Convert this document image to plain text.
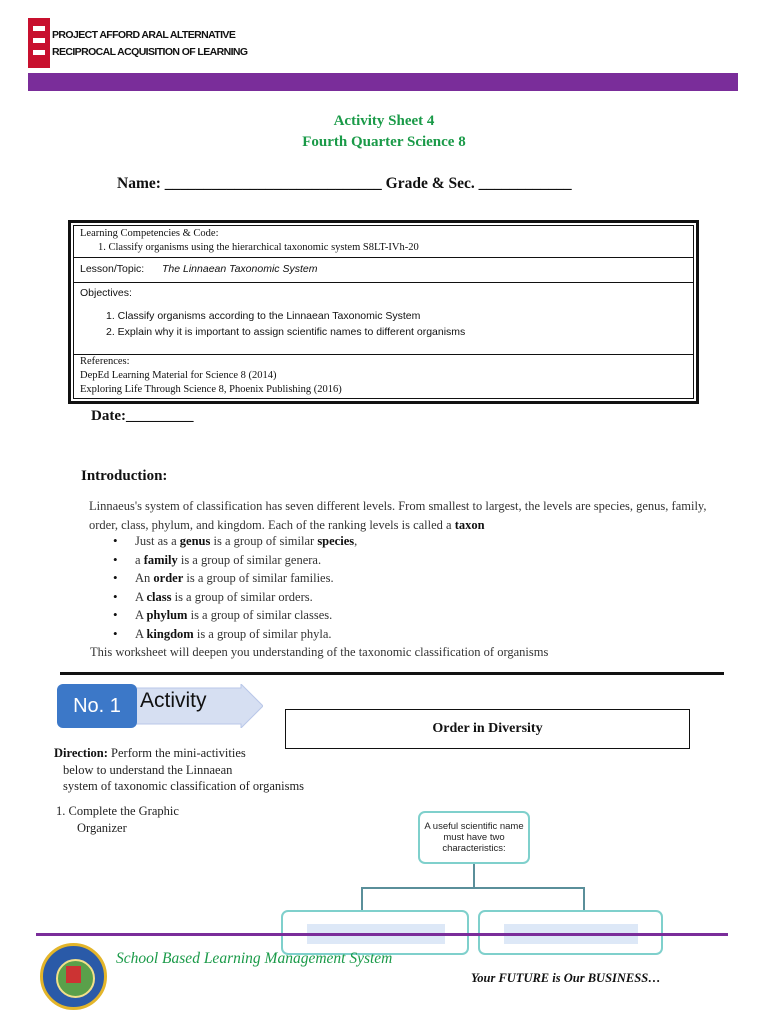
PROJECT AFFORD ARAL ALTERNATIVE
RECIPROCAL ACQUISITION OF LEARNING
Activity Sheet 4
Fourth Quarter Science 8
Name: ____________________________ Grade & Sec. ____________
Learning Competencies & Code:
1. Classify organisms using the hierarchical taxonomic system S8LT-IVh-20
Lesson/Topic: The Linnaean Taxonomic System
Objectives:
1. Classify organisms according to the Linnaean Taxonomic System
2. Explain why it is important to assign scientific names to different organisms
References:
DepEd Learning Material for Science 8 (2014)
Exploring Life Through Science 8, Phoenix Publishing (2016)
Date:_________
Introduction:
Linnaeus's system of classification has seven different levels. From smallest to largest, the levels are species, genus, family, order, class, phylum, and kingdom. Each of the ranking levels is called a taxon
• Just as a genus is a group of similar species,
• a family is a group of similar genera.
• An order is a group of similar families.
• A class is a group of similar orders.
• A phylum is a group of similar classes.
• A kingdom is a group of similar phyla.
This worksheet will deepen you understanding of the taxonomic classification of organisms
No. 1 Activity
Order in Diversity
Direction: Perform the mini-activities
below to understand the Linnaean
system of taxonomic classification of organisms
1. Complete the Graphic
Organizer	A useful scientific name must have two characteristics:
School Based Learning Management System
Your FUTURE is Our BUSINESS…
